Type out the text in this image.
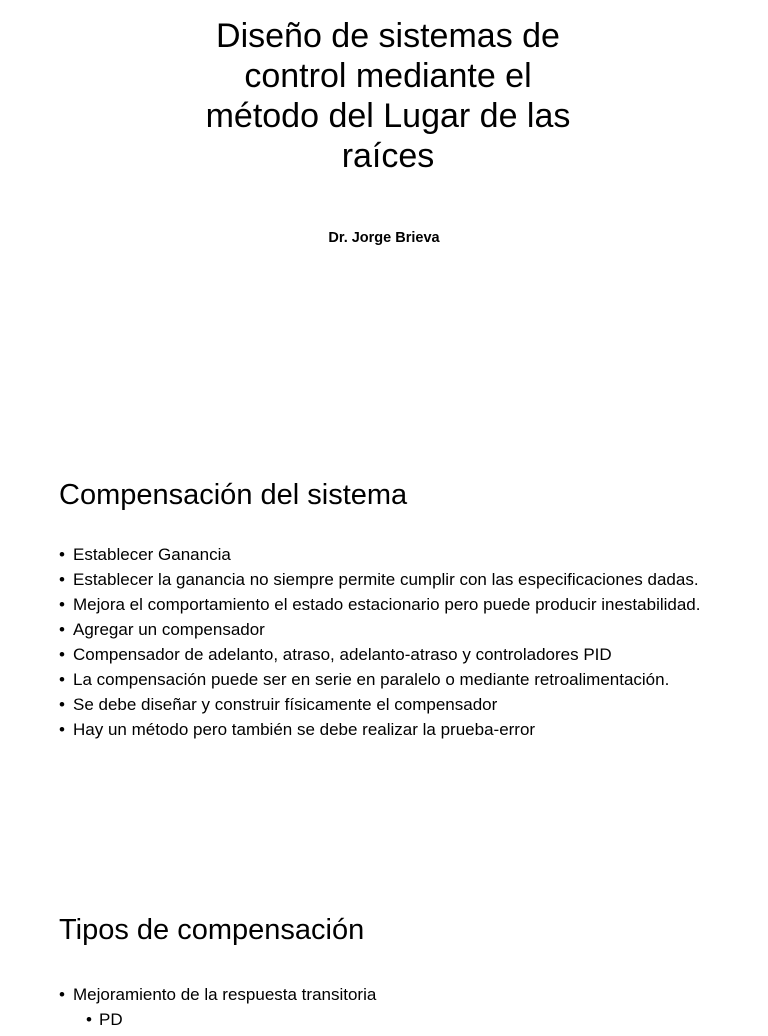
Diseño de sistemas de
control mediante el
método del Lugar de las
raíces
Dr. Jorge Brieva
Compensación del sistema
• Establecer Ganancia
• Establecer la ganancia no siempre permite cumplir con las especificaciones dadas.
• Mejora el comportamiento el estado estacionario pero puede producir inestabilidad.
• Agregar un compensador
• Compensador de adelanto, atraso, adelanto-atraso y controladores PID
• La compensación puede ser en serie en paralelo o mediante retroalimentación.
• Se debe diseñar y construir físicamente el compensador
• Hay un método pero también se debe realizar la prueba-error
Tipos de compensación
• Mejoramiento de la respuesta transitoria
• PD
